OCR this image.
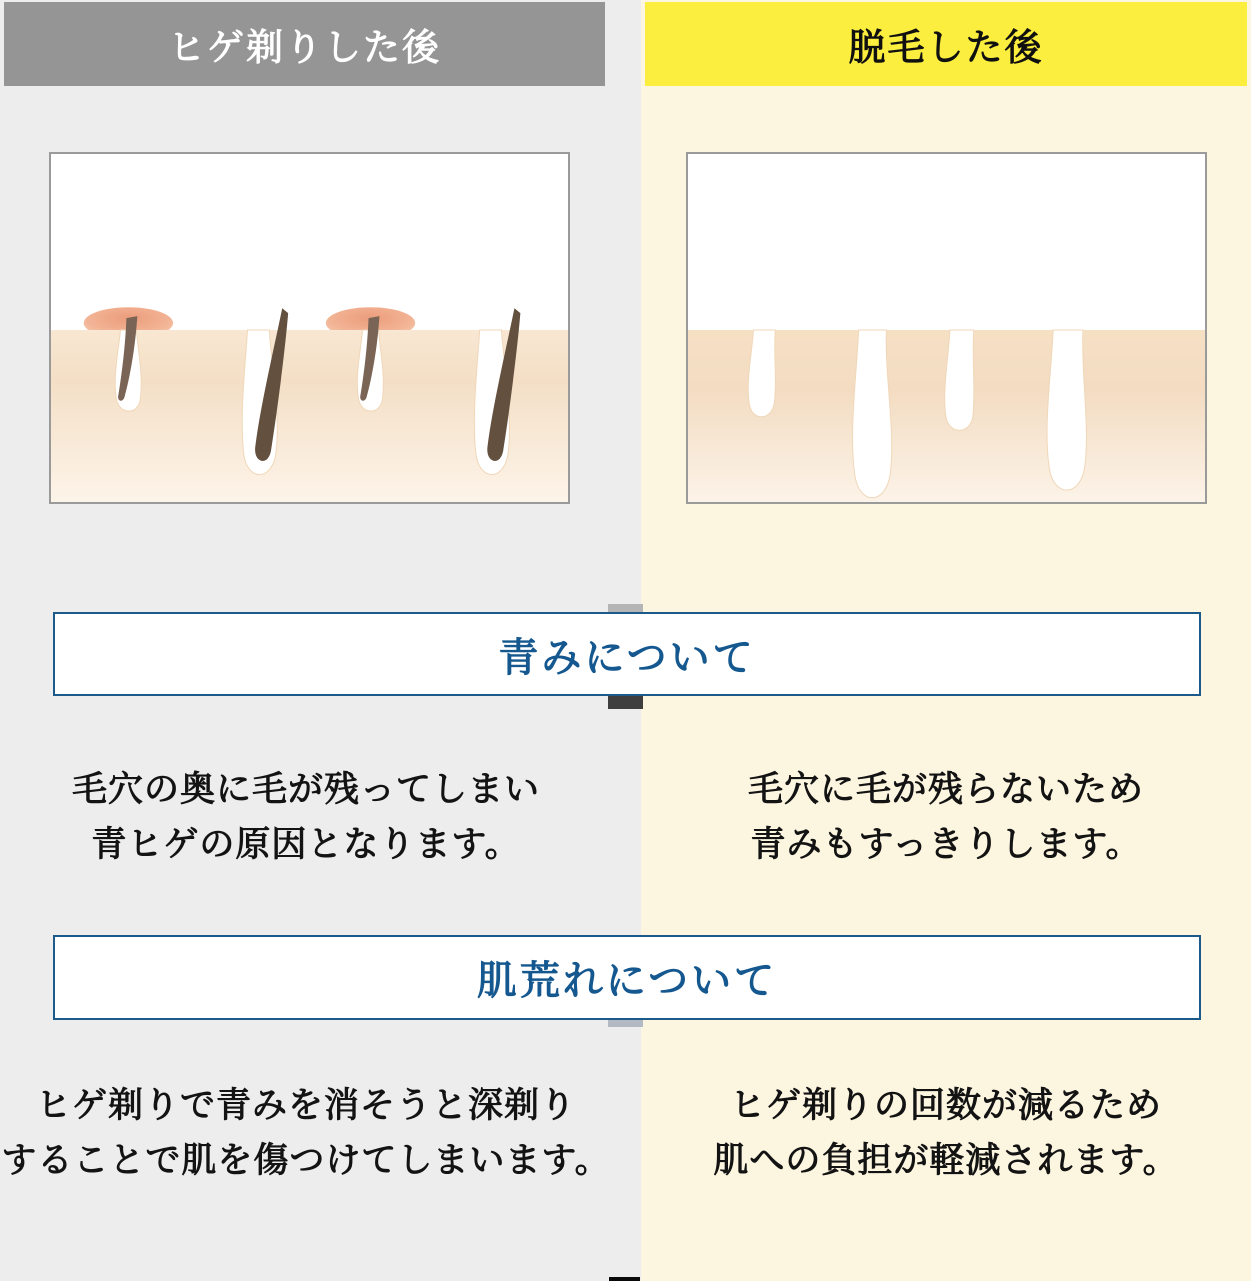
ヒゲ剃りした後	脱毛した後
青みについて
肌荒れについて
毛穴の奥に毛が残ってしまい
青ヒゲの原因となります。
毛穴に毛が残らないため
青みもすっきりします。
ヒゲ剃りで青みを消そうと深剃り
することで肌を傷つけてしまいます。
ヒゲ剃りの回数が減るため
肌への負担が軽減されます。
